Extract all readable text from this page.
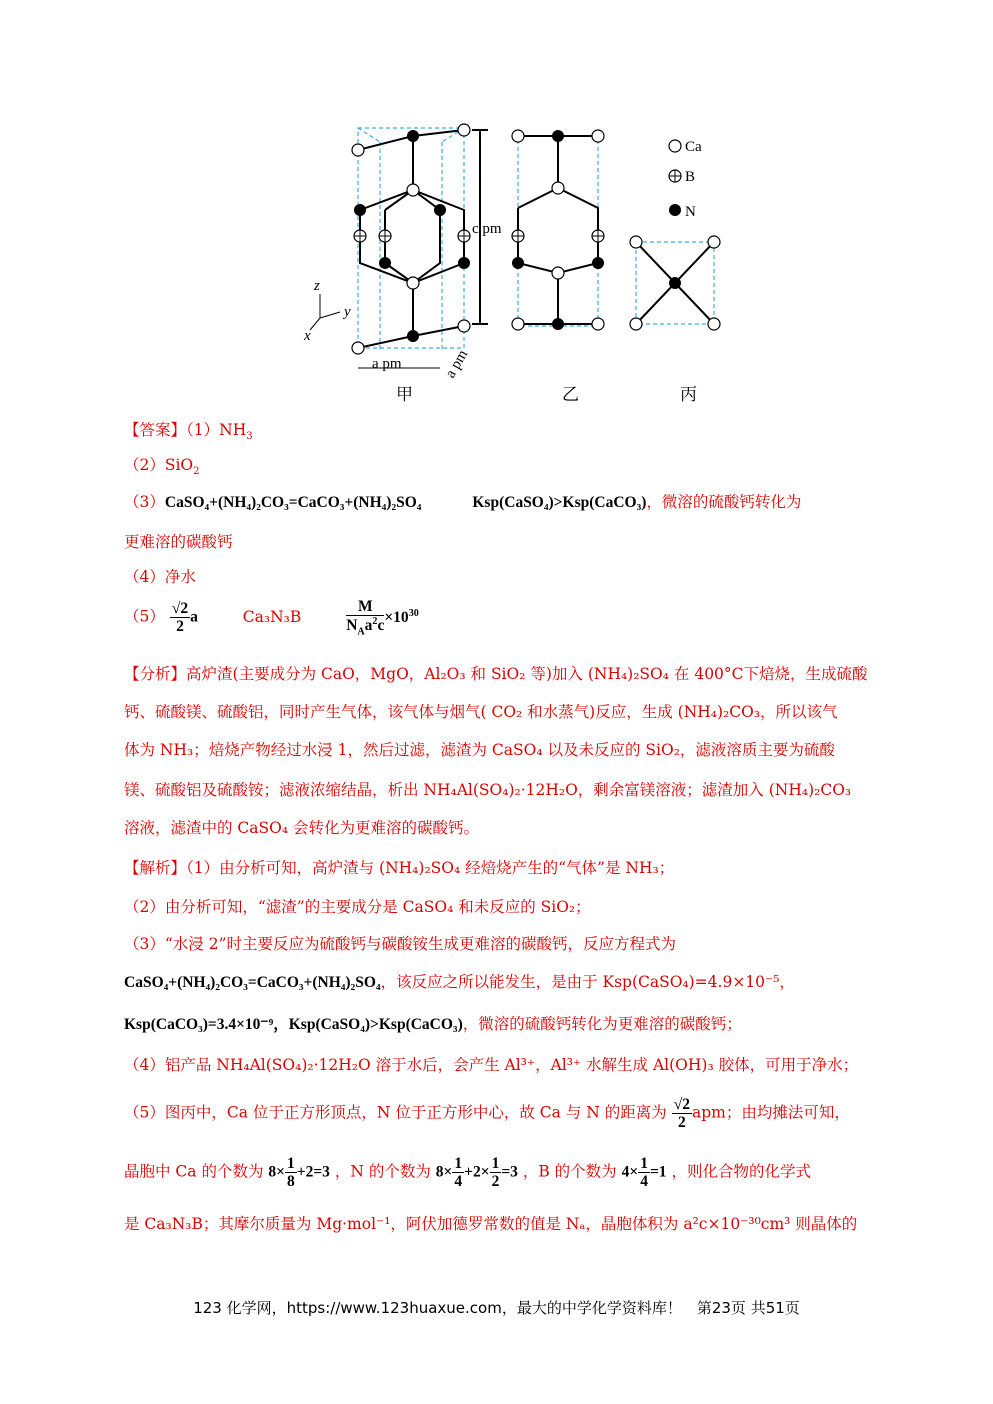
Ca
B
N
c pm
a pm	a pm
z
y
x
甲	乙	丙
【答案】$(1)NH_3$
（2）SiO$_2$
（3）CaSO₄+(NH₄)₂CO₃=CaCO₃+(NH₄)₂SO₄	Ksp(CaSO₄)>Ksp(CaCO₃)，微溶的硫酸钙转化为
更难溶的碳酸钙
（4）净水
$(5) \frac{√2}{2}$ a	Ca₃N₃B	$\frac{M}{N_Aa^2c} \times 10^{30}$
【分析】高炉渣(主要成分为 CaO，MgO，Al₂O₃ 和 SiO₂ 等)加入 (NH₄)₂SO₄ 在 400°C下焙烧，生成硫酸
钙、硫酸镁、硫酸铝，同时产生气体，该气体与烟气( CO₂ 和水蒸气)反应，生成 (NH₄)₂CO₃，所以该气
体为 NH₃；焙烧产物经过水浸 1，然后过滤，滤渣为 CaSO₄ 以及未反应的 SiO₂，滤液溶质主要为硫酸
镁、硫酸铝及硫酸铵；滤液浓缩结晶，析出 NH₄Al(SO₄)₂·12H₂O，剩余富镁溶液；滤渣加入 (NH₄)₂CO₃
溶液，滤渣中的 CaSO₄ 会转化为更难溶的碳酸钙。
【解析】（1）由分析可知，高炉渣与 (NH₄)₂SO₄ 经焙烧产生的“气体”是 NH₃；
（2）由分析可知，“滤渣”的主要成分是 CaSO₄ 和未反应的 SiO₂；
（3）“水浸 2”时主要反应为硫酸钙与碳酸铵生成更难溶的碳酸钙，反应方程式为
CaSO₄+(NH₄)₂CO₃=CaCO₃+(NH₄)₂SO₄，该反应之所以能发生，是由于 Ksp(CaSO₄)=4.9×10⁻⁵，
Ksp(CaCO₃)=3.4×10⁻⁹，Ksp(CaSO₄)>Ksp(CaCO₃)，微溶的硫酸钙转化为更难溶的碳酸钙；
（4）铝产品 NH₄Al(SO₄)₂·12H₂O 溶于水后，会产生 Al³⁺，Al³⁺ 水解生成 Al(OH)₃ 胶体，可用于净水；
（5）图丙中，Ca 位于正方形顶点，N 位于正方形中心，故 Ca 与 N 的距离为 $\frac{√2}{2}$ apm；由均摊法可知，
晶胞中 Ca 的个数为 $8\times \frac{1}{8} +2=3$ ，N 的个数为 $8\times \frac{1}{4} +2\times \frac{1}{2} =3$ ，B 的个数为 $4\times \frac{1}{4} =1$ ，则化合物的化学式
是 Ca₃N₃B；其摩尔质量为 Mg·mol⁻¹，阿伏加德罗常数的值是 Nₐ，晶胞体积为 a²c×10⁻³⁰cm³ 则晶体的
123 化学网，https://www.123huaxue.com，最大的中学化学资料库！　第23页 共51页
